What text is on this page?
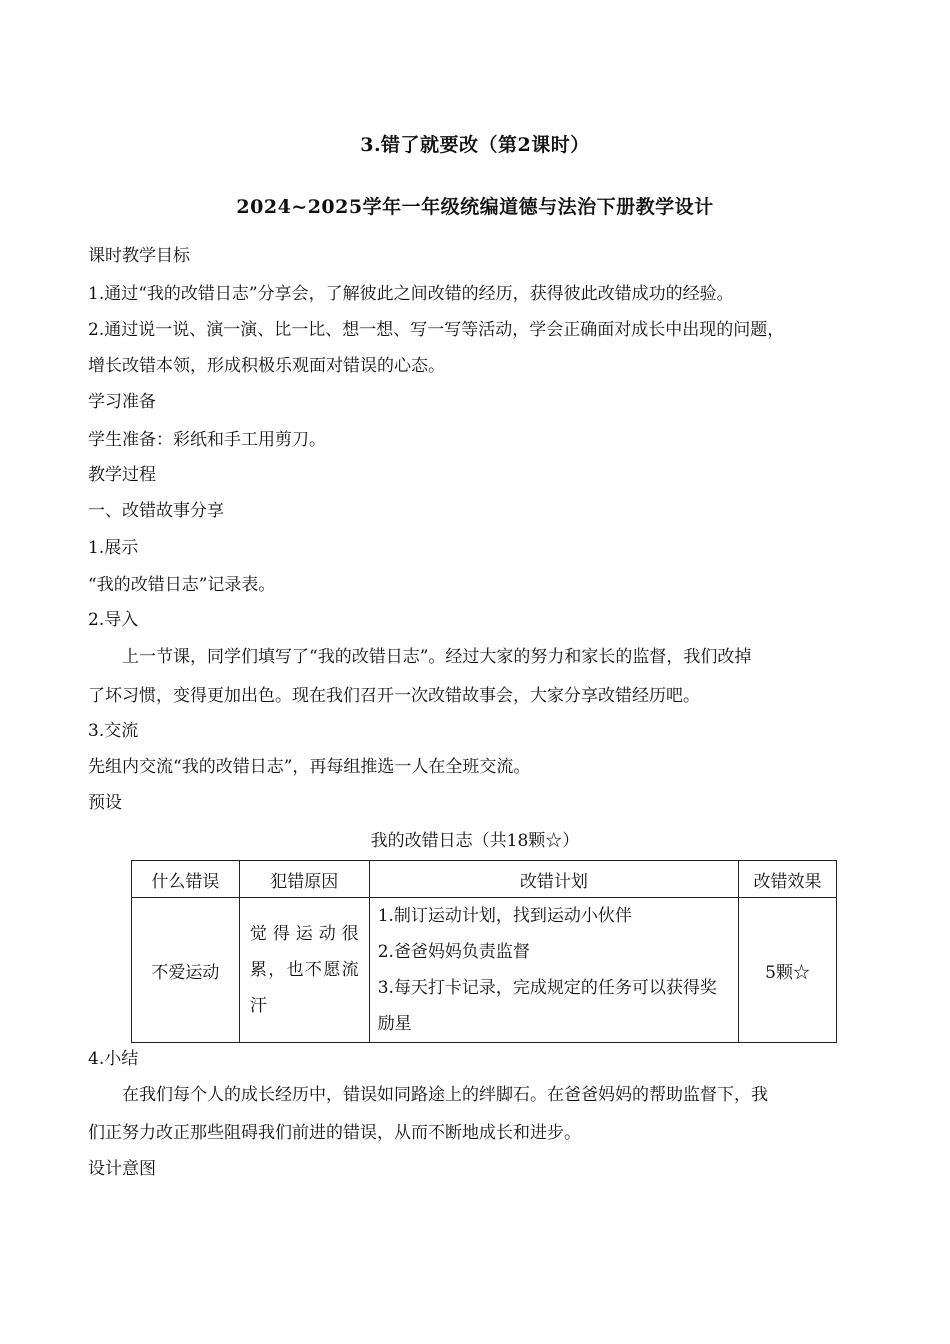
3.错了就要改（第2课时）
2024~2025学年一年级统编道德与法治下册教学设计
课时教学目标
1.通过“我的改错日志”分享会，了解彼此之间改错的经历，获得彼此改错成功的经验。
2.通过说一说、演一演、比一比、想一想、写一写等活动，学会正确面对成长中出现的问题，
增长改错本领，形成积极乐观面对错误的心态。
学习准备
学生准备：彩纸和手工用剪刀。
教学过程
一、改错故事分享
1.展示
“我的改错日志”记录表。
2.导入
上一节课，同学们填写了“我的改错日志”。经过大家的努力和家长的监督，我们改掉
了坏习惯，变得更加出色。现在我们召开一次改错故事会，大家分享改错经历吧。
3.交流
先组内交流“我的改错日志”，再每组推选一人在全班交流。
预设
我的改错日志（共18颗☆）
什么错误	犯错原因	改错计划	改错效果
不爱运动	觉得运动很累，也不愿流汗	1.制订运动计划，找到运动小伙伴
2.爸爸妈妈负责监督
3.每天打卡记录，完成规定的任务可以获得奖励星	5颗☆
4.小结
在我们每个人的成长经历中，错误如同路途上的绊脚石。在爸爸妈妈的帮助监督下，我
们正努力改正那些阻碍我们前进的错误，从而不断地成长和进步。
设计意图
